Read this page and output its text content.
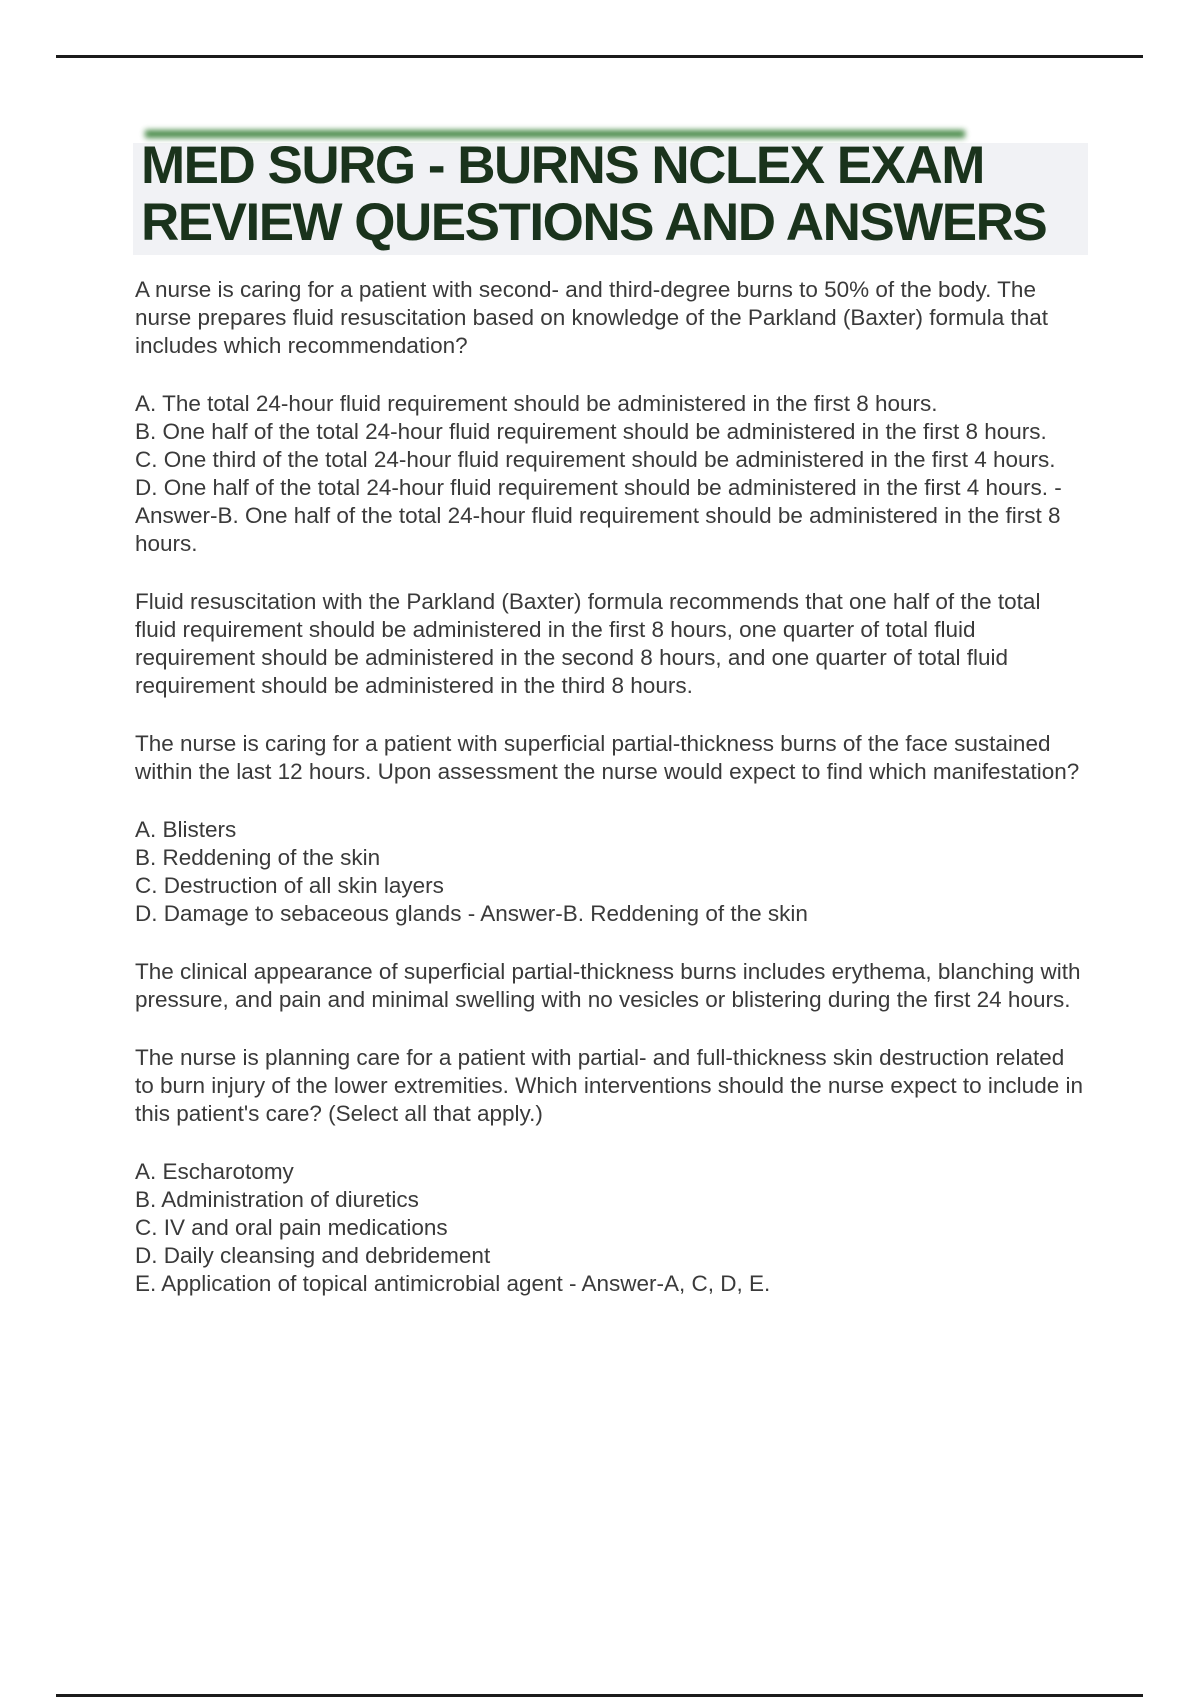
MED SURG - BURNS NCLEX EXAM
REVIEW QUESTIONS AND ANSWERS

A nurse is caring for a patient with second- and third-degree burns to 50% of the body. The nurse prepares fluid resuscitation based on knowledge of the Parkland (Baxter) formula that includes which recommendation?

A. The total 24-hour fluid requirement should be administered in the first 8 hours.
B. One half of the total 24-hour fluid requirement should be administered in the first 8 hours.
C. One third of the total 24-hour fluid requirement should be administered in the first 4 hours.
D. One half of the total 24-hour fluid requirement should be administered in the first 4 hours. - Answer-B. One half of the total 24-hour fluid requirement should be administered in the first 8 hours.

Fluid resuscitation with the Parkland (Baxter) formula recommends that one half of the total fluid requirement should be administered in the first 8 hours, one quarter of total fluid requirement should be administered in the second 8 hours, and one quarter of total fluid requirement should be administered in the third 8 hours.

The nurse is caring for a patient with superficial partial-thickness burns of the face sustained within the last 12 hours. Upon assessment the nurse would expect to find which manifestation?

A. Blisters
B. Reddening of the skin
C. Destruction of all skin layers
D. Damage to sebaceous glands - Answer-B. Reddening of the skin

The clinical appearance of superficial partial-thickness burns includes erythema, blanching with pressure, and pain and minimal swelling with no vesicles or blistering during the first 24 hours.

The nurse is planning care for a patient with partial- and full-thickness skin destruction related to burn injury of the lower extremities. Which interventions should the nurse expect to include in this patient's care? (Select all that apply.)

A. Escharotomy
B. Administration of diuretics
C. IV and oral pain medications
D. Daily cleansing and debridement
E. Application of topical antimicrobial agent - Answer-A, C, D, E.
